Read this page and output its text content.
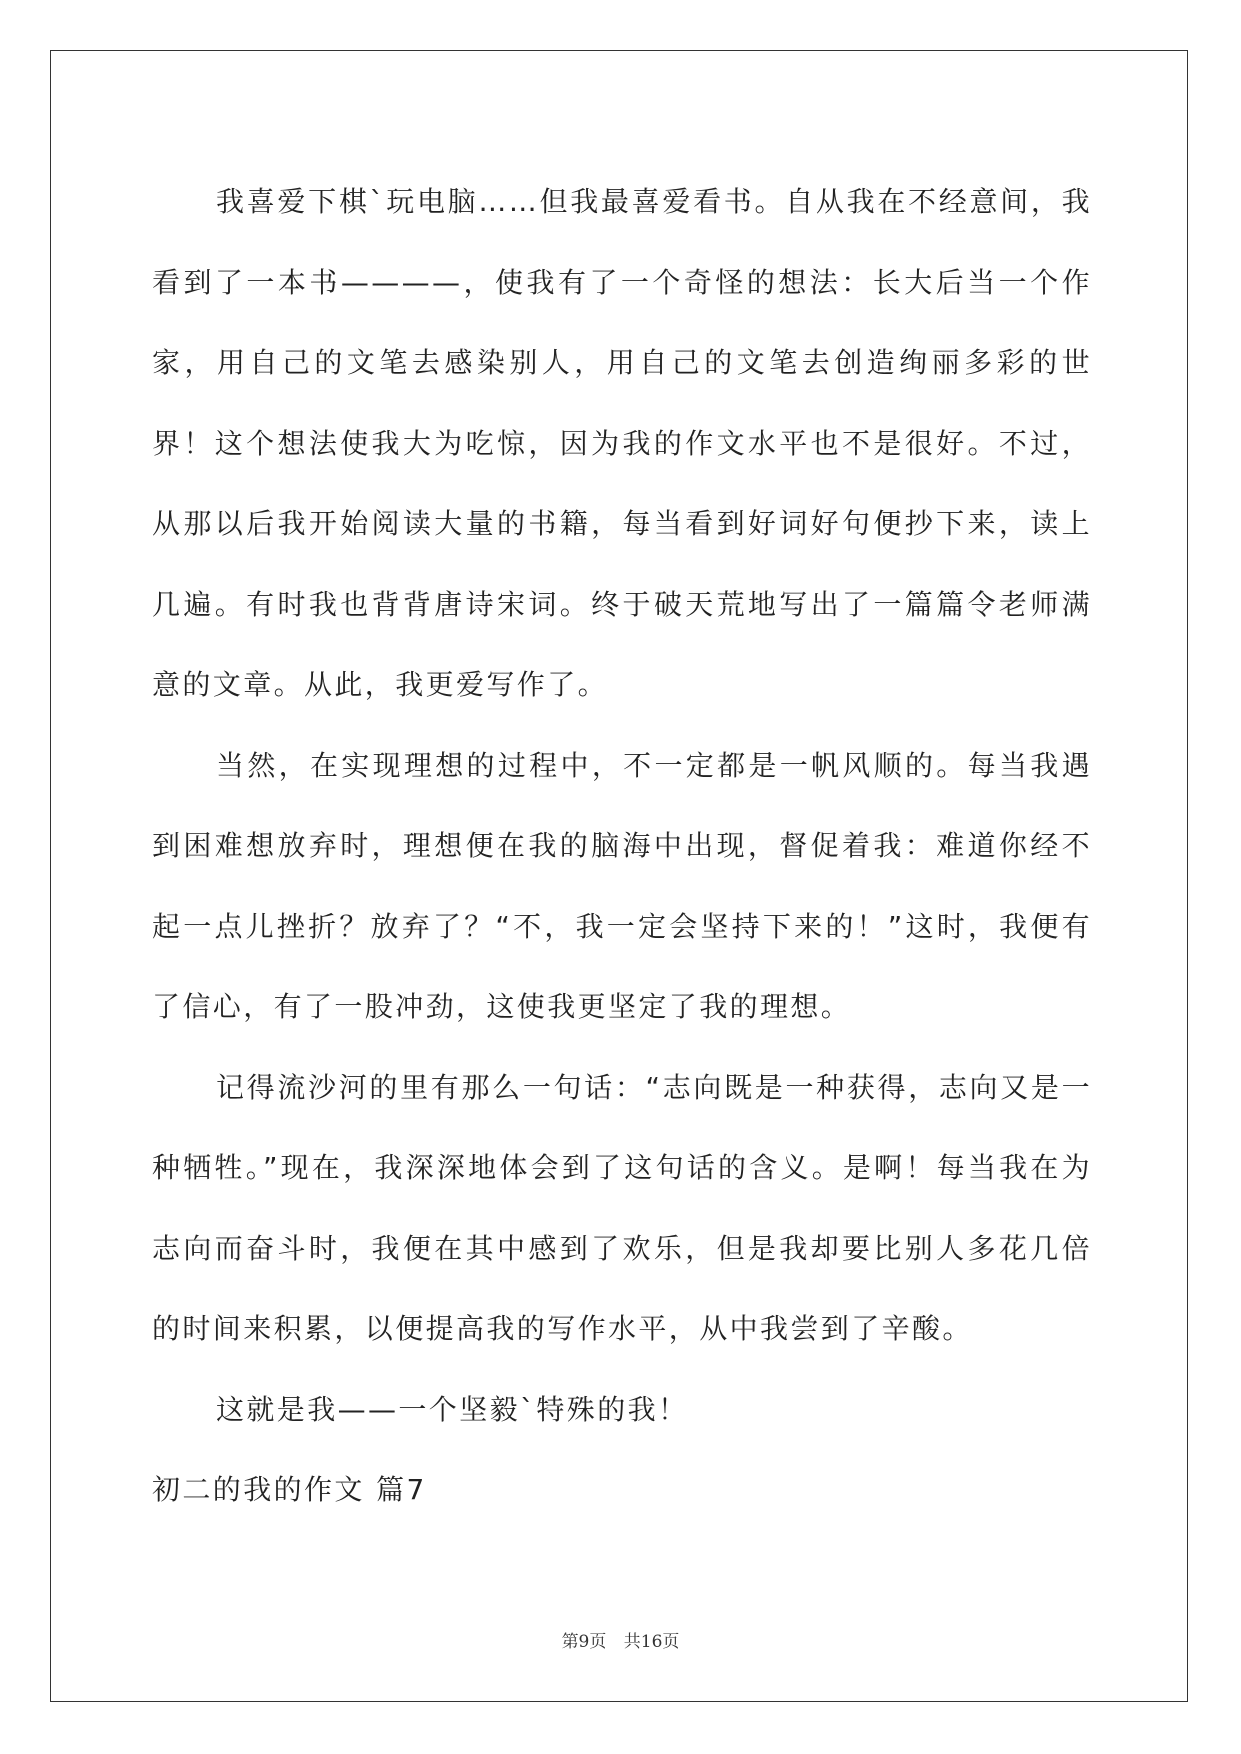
我喜爱下棋`玩电脑……但我最喜爱看书。自从我在不经意间，我看到了一本书————，使我有了一个奇怪的想法：长大后当一个作家，用自己的文笔去感染别人，用自己的文笔去创造绚丽多彩的世界！这个想法使我大为吃惊，因为我的作文水平也不是很好。不过，从那以后我开始阅读大量的书籍，每当看到好词好句便抄下来，读上几遍。有时我也背背唐诗宋词。终于破天荒地写出了一篇篇令老师满意的文章。从此，我更爱写作了。

当然，在实现理想的过程中，不一定都是一帆风顺的。每当我遇到困难想放弃时，理想便在我的脑海中出现，督促着我：难道你经不起一点儿挫折？放弃了？“不，我一定会坚持下来的！”这时，我便有了信心，有了一股冲劲，这使我更坚定了我的理想。

记得流沙河的里有那么一句话：“志向既是一种获得，志向又是一种牺牲。”现在，我深深地体会到了这句话的含义。是啊！每当我在为志向而奋斗时，我便在其中感到了欢乐，但是我却要比别人多花几倍的时间来积累，以便提高我的写作水平，从中我尝到了辛酸。

这就是我——一个坚毅`特殊的我！

初二的我的作文 篇7

第9页 共16页
